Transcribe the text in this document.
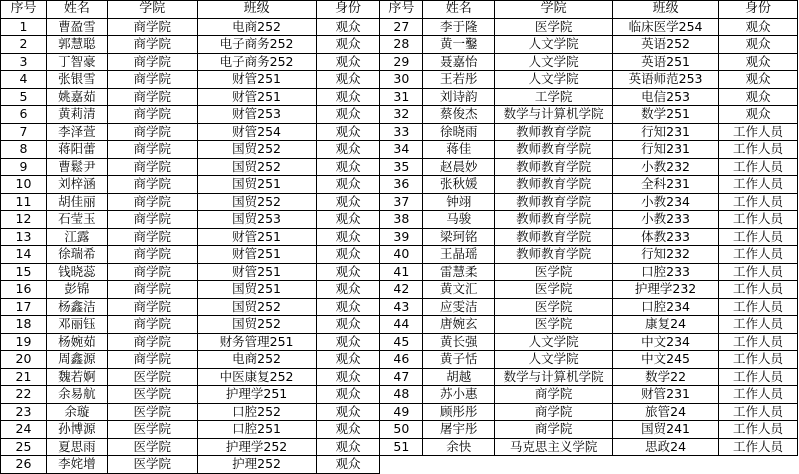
序号	姓名	学院	班级	身份	序号	姓名	学院	班级	身份
1	曹盈雪	商学院	电商252	观众	27	李于隆	医学院	临床医学254	观众
2	郭慧聪	商学院	电子商务252	观众	28	黄一鑿	人文学院	英语252	观众
3	丁智豪	商学院	电子商务252	观众	29	聂嘉怡	人文学院	英语251	观众
4	张银雪	商学院	财管251	观众	30	王若彤	人文学院	英语师范253	观众
5	姚嘉茹	商学院	财管251	观众	31	刘诗韵	工学院	电信253	观众
6	黄莉清	商学院	财管253	观众	32	蔡俊杰	数学与计算机学院	数学251	观众
7	李泽萱	商学院	财管254	观众	33	徐晓雨	教师教育学院	行知231	工作人员
8	蒋阳蕾	商学院	国贸252	观众	34	蒋佳	教师教育学院	行知231	工作人员
9	曹鬆尹	商学院	国贸252	观众	35	赵晨妙	教师教育学院	小教232	工作人员
10	刘梓涵	商学院	国贸251	观众	36	张秋媛	教师教育学院	全科231	工作人员
11	胡佳丽	商学院	国贸252	观众	37	钟翊	教师教育学院	小教234	工作人员
12	石莹玉	商学院	国贸253	观众	38	马骏	教师教育学院	小教233	工作人员
13	江露	商学院	财管251	观众	39	梁珂铭	教师教育学院	体教233	工作人员
14	徐瑞希	商学院	财管251	观众	40	王晶瑶	教师教育学院	行知232	工作人员
15	钱晓蕊	商学院	财管251	观众	41	雷慧柔	医学院	口腔233	工作人员
16	彭锦	商学院	国贸251	观众	42	黄文汇	医学院	护理学232	工作人员
17	杨鑫洁	商学院	国贸252	观众	43	应雯洁	医学院	口腔234	工作人员
18	邓丽钰	商学院	国贸252	观众	44	唐婉玄	医学院	康复24	工作人员
19	杨婉茹	商学院	财务管理251	观众	45	黄长强	人文学院	中文234	工作人员
20	周鑫源	商学院	电商252	观众	46	黄子恬	人文学院	中文245	工作人员
21	魏若婀	医学院	中医康复252	观众	47	胡越	数学与计算机学院	数学22	工作人员
22	余易航	医学院	护理学251	观众	48	苏小惠	商学院	财管231	工作人员
23	余璇	医学院	口腔252	观众	49	顾彤彤	商学院	旅管24	工作人员
24	孙博源	医学院	口腔251	观众	50	屠宇彤	商学院	国贸241	工作人员
25	夏思雨	医学院	护理学252	观众	51	余快	马克思主义学院	思政24	工作人员
26	李姹增	医学院	护理252	观众					
